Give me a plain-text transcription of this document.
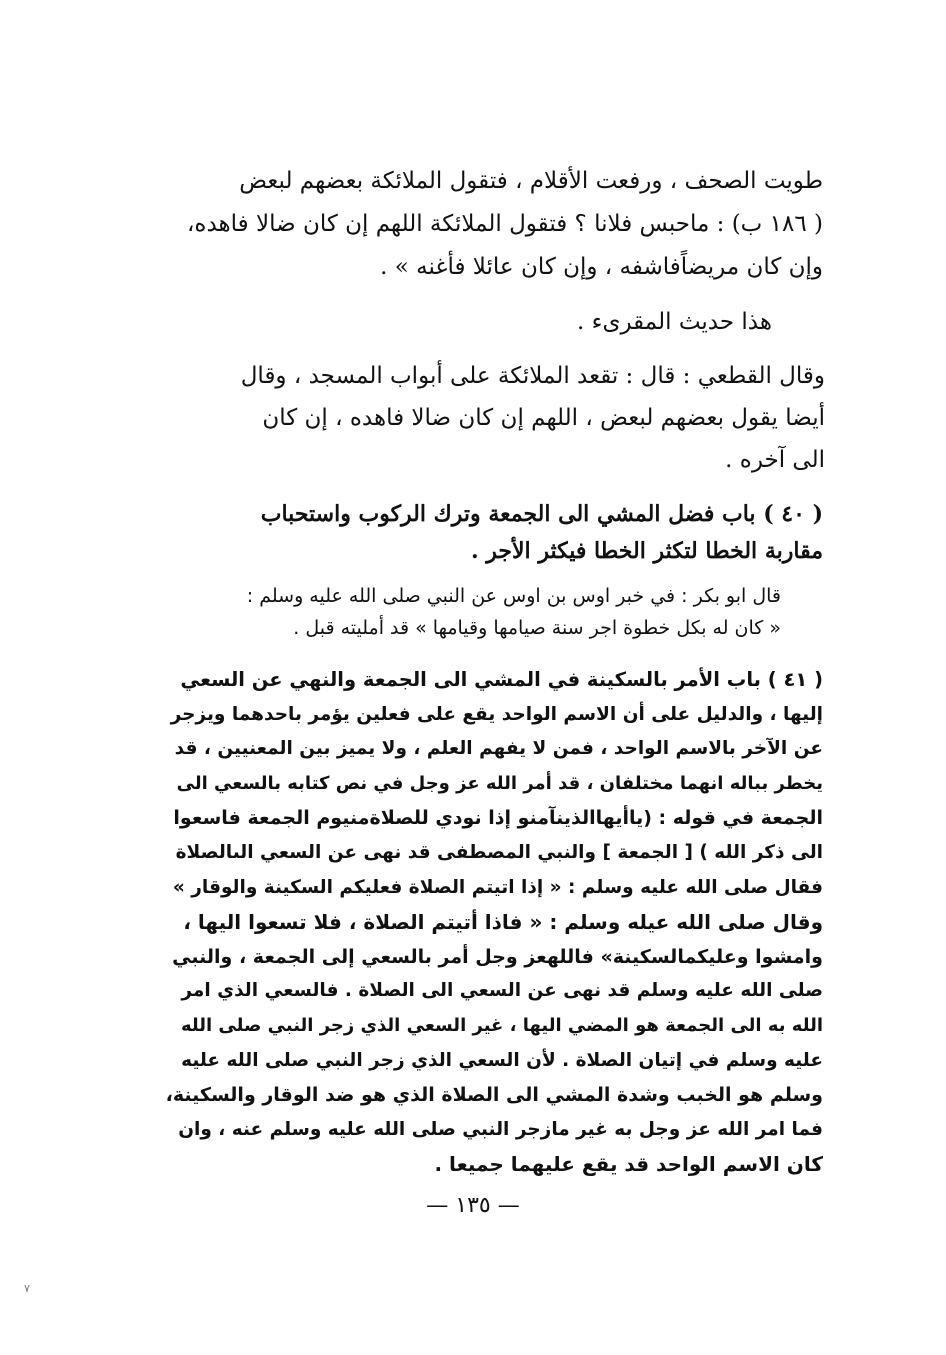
طويت الصحف ، ورفعت الأقلام ، فتقول الملائكة بعضهم لبعض
( ١٨٦ ب) : ماحبس فلانا ؟ فتقول الملائكة اللهم إن كان ضالا فاهده،
وإن كان مريضاًفاشفه ، وإن كان عائلا فأغنه » .
هذا حديث المقرىء .
وقال القطعي : قال : تقعد الملائكة على أبواب المسجد ، وقال
أيضا يقول بعضهم لبعض ، اللهم إن كان ضالا فاهده ، إن كان
الى آخره .
( ٤٠ ) باب فضل المشي الى الجمعة وترك الركوب واستحباب
مقاربة الخطا لتكثر الخطا فيكثر الأجر .
قال ابو بكر : في خبر اوس بن اوس عن النبي صلى الله عليه وسلم :
« كان له بكل خطوة اجر سنة صيامها وقيامها » قد أمليته قبل .
( ٤١ ) باب الأمر بالسكينة في المشي الى الجمعة والنهي عن السعي
إليها ، والدليل على أن الاسم الواحد يقع على فعلين يؤمر باحدهما ويزجر
عن الآخر بالاسم الواحد ، فمن لا يفهم العلم ، ولا يميز بين المعنيين ، قد
يخطر بباله انهما مختلفان ، قد أمر الله عز وجل في نص كتابه بالسعي الى
الجمعة في قوله : (ياأيهاالذينآمنو إذا نودي للصلاةمنيوم الجمعة فاسعوا
الى ذكر الله ) [ الجمعة ] والنبي المصطفى قد نهى عن السعي الىالصلاة
فقال صلى الله عليه وسلم : « إذا اتيتم الصلاة فعليكم السكينة والوقار »
وقال صلى الله عيله وسلم : « فاذا أتيتم الصلاة ، فلا تسعوا اليها ،
وامشوا وعليكمالسكينة» فاللهعز وجل أمر بالسعي إلى الجمعة ، والنبي
صلى الله عليه وسلم قد نهى عن السعي الى الصلاة . فالسعي الذي امر
الله به الى الجمعة هو المضي اليها ، غير السعي الذي زجر النبي صلى الله
عليه وسلم في إتيان الصلاة . لأن السعي الذي زجر النبي صلى الله عليه
وسلم هو الخبب وشدة المشي الى الصلاة الذي هو ضد الوقار والسكينة،
فما امر الله عز وجل به غير مازجر النبي صلى الله عليه وسلم عنه ، وان
كان الاسم الواحد قد يقع عليهما جميعا .
— ١٣٥ —
٧
